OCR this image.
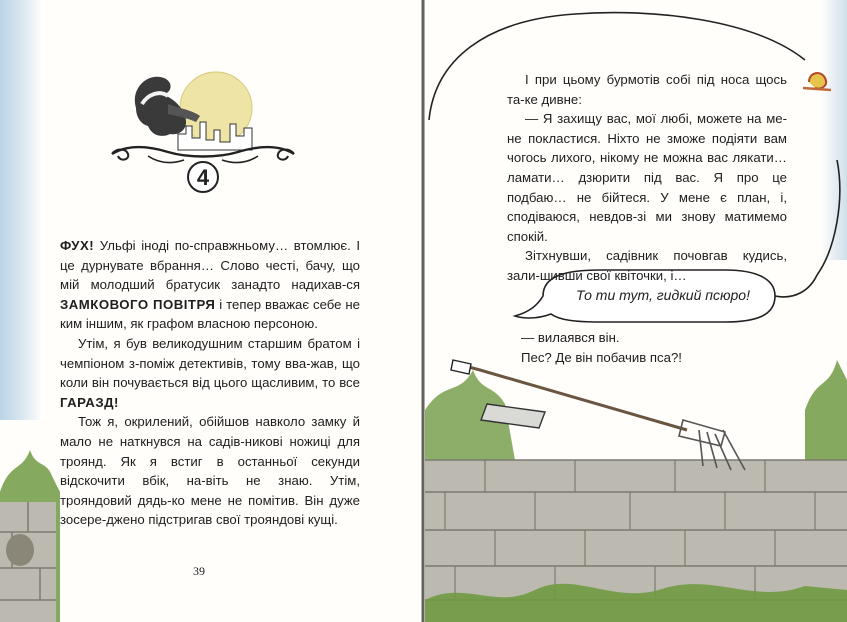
4

ФУХ! Ульфі іноді по-справжньому… втомлює. І це дурнувате вбрання… Слово честі, бачу, що мій молодший братусик занадто надихав-ся ЗАМКОВОГО ПОВІТРЯ і тепер вважає себе не ким іншим, як графом власною персоною.

Утім, я був великодушним старшим братом і чемпіоном з-поміж детективів, тому вва-жав, що коли він почувається від цього щасливим, то все ГАРАЗД!

Тож я, окрилений, обійшов навколо замку й мало не наткнувся на садів-никові ножиці для троянд. Як я встиг в останньої секунди відскочити вбік, на-віть не знаю. Утім, трояндовий дядь-ко мене не помітив. Він дуже зосере-джено підстригав свої трояндові кущі.

39

І при цьому бурмотів собі під носа щось та-ке дивне:

— Я захищу вас, мої любі, можете на ме-не покластися. Ніхто не зможе подіяти вам чогось лихого, нікому не можна вас лякати… ламати… дзюрити під вас. Я про це подбаю… не бійтеся. У мене є план, і, сподіваюся, невдов-зі ми знову матимемо спокій.

Зітхнувши, садівник почовгав кудись, зали-шивши свої квіточки, і…

То ти тут, гидкий псюро!

— вилаявся він.

Пес? Де він побачив пса?!
